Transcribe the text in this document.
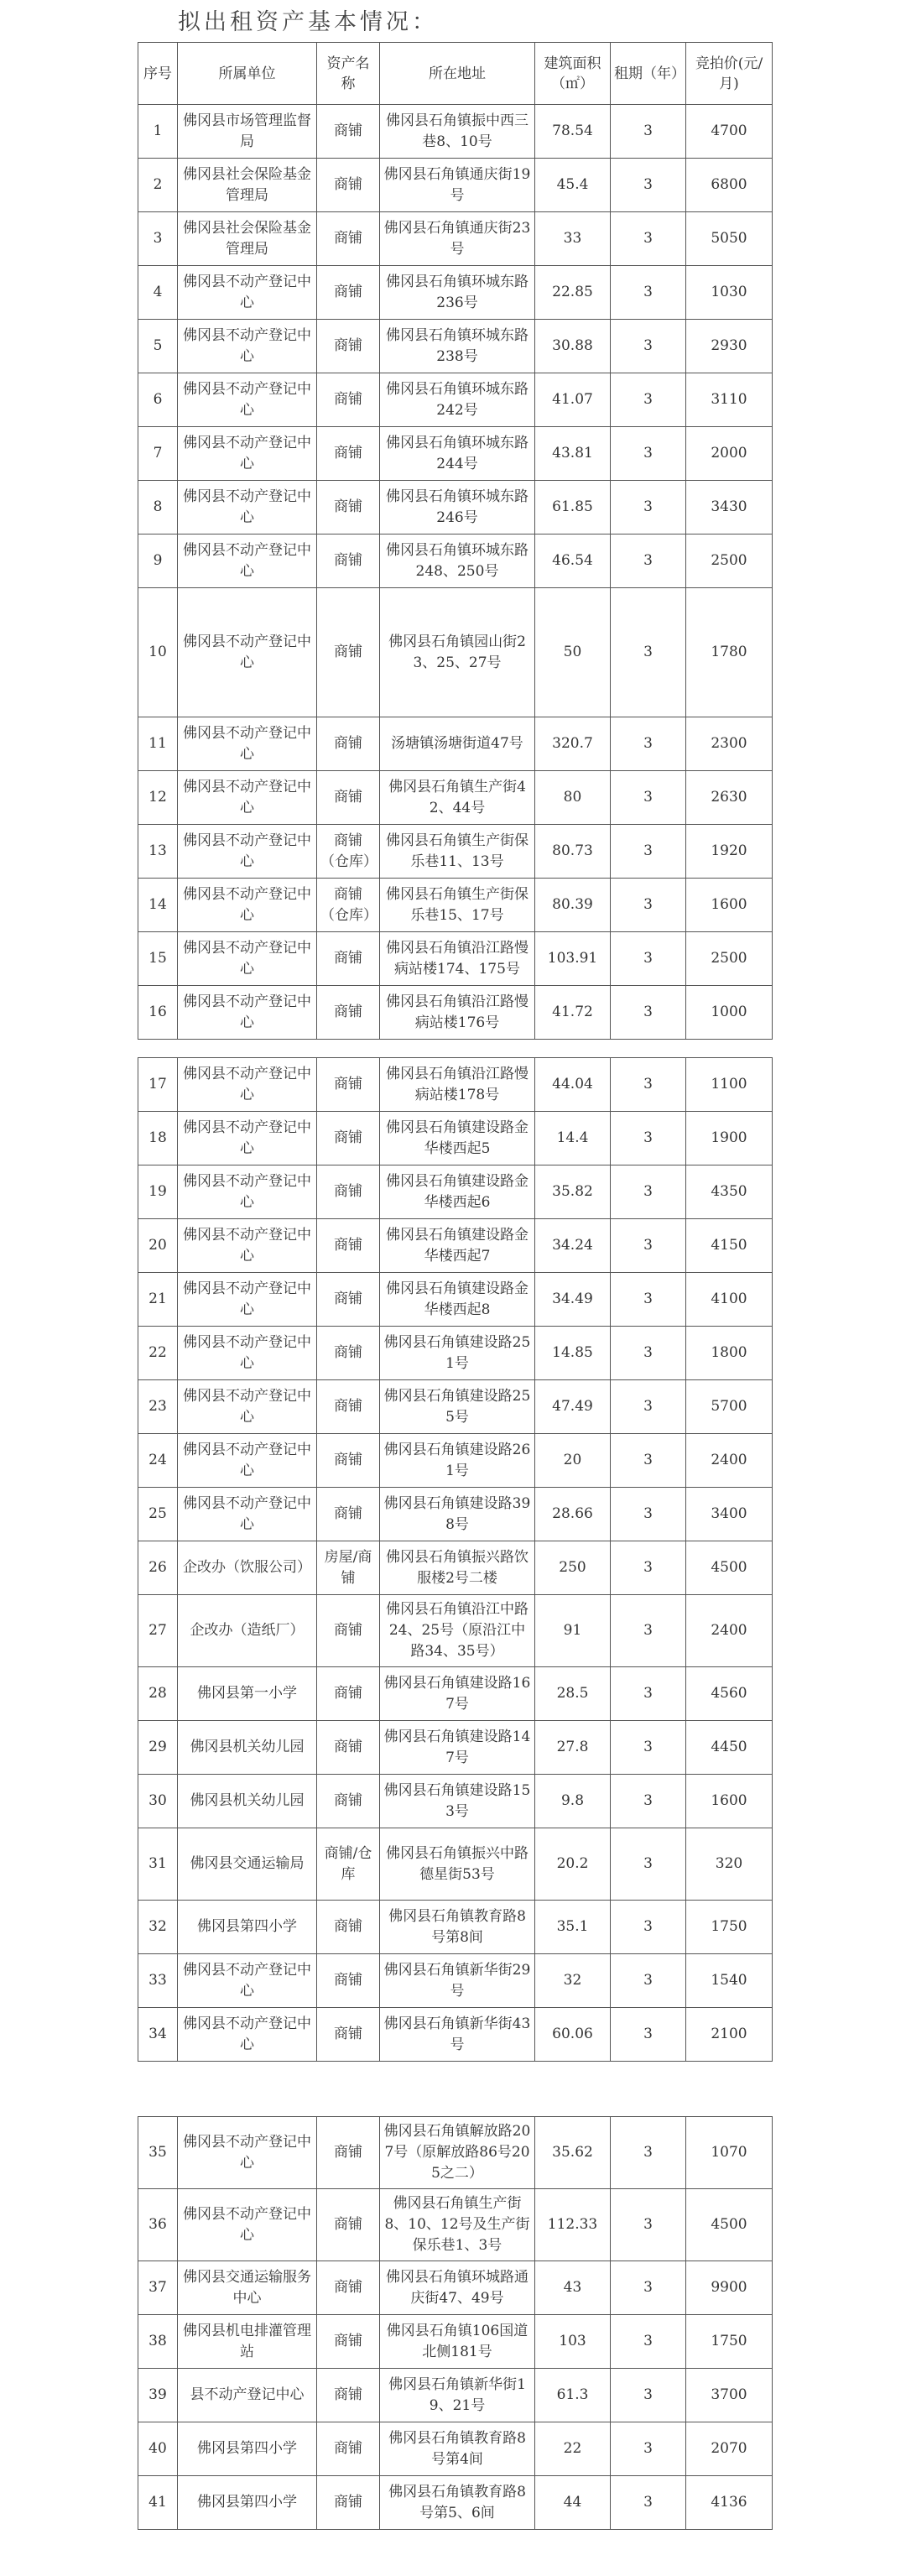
拟出租资产基本情况：
序号	所属单位	资产名称	所在地址	建筑面积（㎡）	租期（年）	竞拍价(元/月)
1	佛冈县市场管理监督局	商铺	佛冈县石角镇振中西三巷8、10号	78.54	3	4700
2	佛冈县社会保险基金管理局	商铺	佛冈县石角镇通庆街19号	45.4	3	6800
3	佛冈县社会保险基金管理局	商铺	佛冈县石角镇通庆街23号	33	3	5050
4	佛冈县不动产登记中心	商铺	佛冈县石角镇环城东路236号	22.85	3	1030
5	佛冈县不动产登记中心	商铺	佛冈县石角镇环城东路238号	30.88	3	2930
6	佛冈县不动产登记中心	商铺	佛冈县石角镇环城东路242号	41.07	3	3110
7	佛冈县不动产登记中心	商铺	佛冈县石角镇环城东路244号	43.81	3	2000
8	佛冈县不动产登记中心	商铺	佛冈县石角镇环城东路246号	61.85	3	3430
9	佛冈县不动产登记中心	商铺	佛冈县石角镇环城东路248、250号	46.54	3	2500
10	佛冈县不动产登记中心	商铺	佛冈县石角镇园山街23、25、27号	50	3	1780
11	佛冈县不动产登记中心	商铺	汤塘镇汤塘街道47号	320.7	3	2300
12	佛冈县不动产登记中心	商铺	佛冈县石角镇生产街42、44号	80	3	2630
13	佛冈县不动产登记中心	商铺（仓库）	佛冈县石角镇生产街保乐巷11、13号	80.73	3	1920
14	佛冈县不动产登记中心	商铺（仓库）	佛冈县石角镇生产街保乐巷15、17号	80.39	3	1600
15	佛冈县不动产登记中心	商铺	佛冈县石角镇沿江路慢病站楼174、175号	103.91	3	2500
16	佛冈县不动产登记中心	商铺	佛冈县石角镇沿江路慢病站楼176号	41.72	3	1000
17	佛冈县不动产登记中心	商铺	佛冈县石角镇沿江路慢病站楼178号	44.04	3	1100
18	佛冈县不动产登记中心	商铺	佛冈县石角镇建设路金华楼西起5	14.4	3	1900
19	佛冈县不动产登记中心	商铺	佛冈县石角镇建设路金华楼西起6	35.82	3	4350
20	佛冈县不动产登记中心	商铺	佛冈县石角镇建设路金华楼西起7	34.24	3	4150
21	佛冈县不动产登记中心	商铺	佛冈县石角镇建设路金华楼西起8	34.49	3	4100
22	佛冈县不动产登记中心	商铺	佛冈县石角镇建设路251号	14.85	3	1800
23	佛冈县不动产登记中心	商铺	佛冈县石角镇建设路255号	47.49	3	5700
24	佛冈县不动产登记中心	商铺	佛冈县石角镇建设路261号	20	3	2400
25	佛冈县不动产登记中心	商铺	佛冈县石角镇建设路398号	28.66	3	3400
26	企改办（饮服公司）	房屋/商铺	佛冈县石角镇振兴路饮服楼2号二楼	250	3	4500
27	企改办（造纸厂）	商铺	佛冈县石角镇沿江中路24、25号（原沿江中路34、35号）	91	3	2400
28	佛冈县第一小学	商铺	佛冈县石角镇建设路167号	28.5	3	4560
29	佛冈县机关幼儿园	商铺	佛冈县石角镇建设路147号	27.8	3	4450
30	佛冈县机关幼儿园	商铺	佛冈县石角镇建设路153号	9.8	3	1600
31	佛冈县交通运输局	商铺/仓库	佛冈县石角镇振兴中路德星街53号	20.2	3	320
32	佛冈县第四小学	商铺	佛冈县石角镇教育路8号第8间	35.1	3	1750
33	佛冈县不动产登记中心	商铺	佛冈县石角镇新华街29号	32	3	1540
34	佛冈县不动产登记中心	商铺	佛冈县石角镇新华街43号	60.06	3	2100
35	佛冈县不动产登记中心	商铺	佛冈县石角镇解放路207号（原解放路86号205之二）	35.62	3	1070
36	佛冈县不动产登记中心	商铺	佛冈县石角镇生产街8、10、12号及生产街保乐巷1、3号	112.33	3	4500
37	佛冈县交通运输服务中心	商铺	佛冈县石角镇环城路通庆街47、49号	43	3	9900
38	佛冈县机电排灌管理站	商铺	佛冈县石角镇106国道北侧181号	103	3	1750
39	县不动产登记中心	商铺	佛冈县石角镇新华街19、21号	61.3	3	3700
40	佛冈县第四小学	商铺	佛冈县石角镇教育路8号第4间	22	3	2070
41	佛冈县第四小学	商铺	佛冈县石角镇教育路8号第5、6间	44	3	4136
